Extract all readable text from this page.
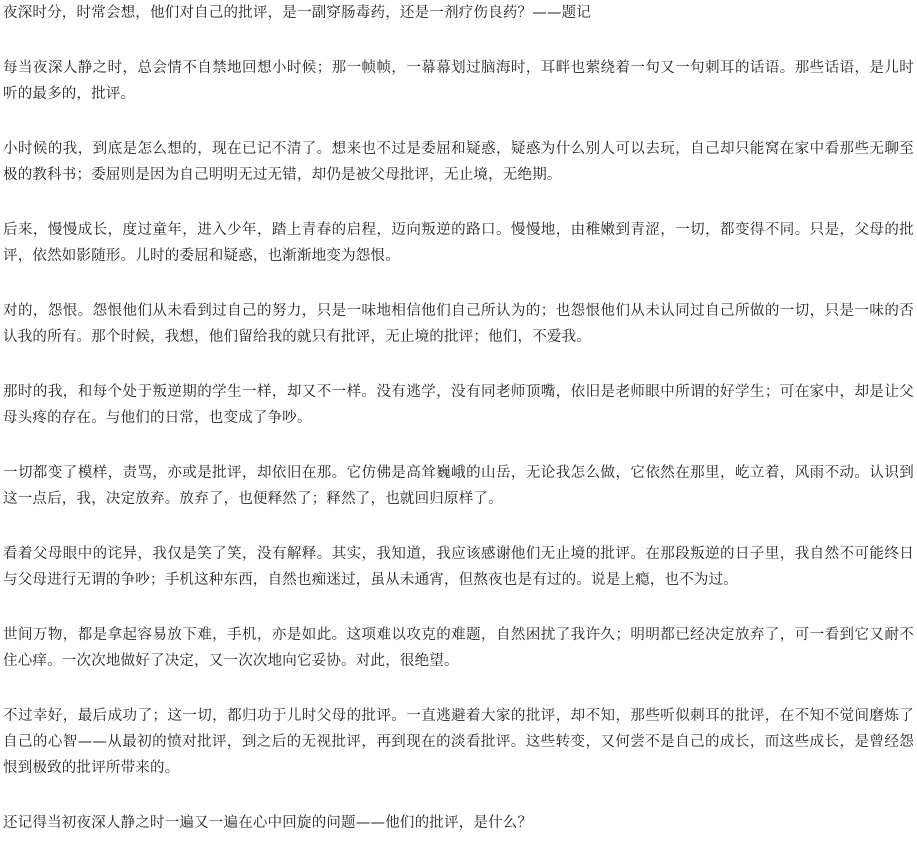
夜深时分，时常会想，他们对自己的批评，是一副穿肠毒药，还是一剂疗伤良药？——题记

每当夜深人静之时，总会情不自禁地回想小时候；那一帧帧，一幕幕划过脑海时，耳畔也萦绕着一句又一句刺耳的话语。那些话语，是儿时听的最多的，批评。

小时候的我，到底是怎么想的，现在已记不清了。想来也不过是委屈和疑惑，疑惑为什么别人可以去玩，自己却只能窝在家中看那些无聊至极的教科书；委屈则是因为自己明明无过无错，却仍是被父母批评，无止境，无绝期。

后来，慢慢成长，度过童年，进入少年，踏上青春的启程，迈向叛逆的路口。慢慢地，由稚嫩到青涩，一切，都变得不同。只是，父母的批评，依然如影随形。儿时的委屈和疑惑，也渐渐地变为怨恨。

对的，怨恨。怨恨他们从未看到过自己的努力，只是一味地相信他们自己所认为的；也怨恨他们从未认同过自己所做的一切，只是一味的否认我的所有。那个时候，我想，他们留给我的就只有批评，无止境的批评；他们，不爱我。

那时的我，和每个处于叛逆期的学生一样，却又不一样。没有逃学，没有同老师顶嘴，依旧是老师眼中所谓的好学生；可在家中，却是让父母头疼的存在。与他们的日常，也变成了争吵。

一切都变了模样，责骂，亦或是批评，却依旧在那。它仿佛是高耸巍峨的山岳，无论我怎么做，它依然在那里，屹立着，风雨不动。认识到这一点后，我，决定放弃。放弃了，也便释然了；释然了，也就回归原样了。

看着父母眼中的诧异，我仅是笑了笑，没有解释。其实，我知道，我应该感谢他们无止境的批评。在那段叛逆的日子里，我自然不可能终日与父母进行无谓的争吵；手机这种东西，自然也痴迷过，虽从未通宵，但熬夜也是有过的。说是上瘾，也不为过。

世间万物，都是拿起容易放下难，手机，亦是如此。这项难以攻克的难题，自然困扰了我许久；明明都已经决定放弃了，可一看到它又耐不住心痒。一次次地做好了决定，又一次次地向它妥协。对此，很绝望。

不过幸好，最后成功了；这一切，都归功于儿时父母的批评。一直逃避着大家的批评，却不知，那些听似刺耳的批评，在不知不觉间磨炼了自己的心智——从最初的愤对批评，到之后的无视批评，再到现在的淡看批评。这些转变，又何尝不是自己的成长，而这些成长，是曾经怨恨到极致的批评所带来的。

还记得当初夜深人静之时一遍又一遍在心中回旋的问题——他们的批评，是什么？
